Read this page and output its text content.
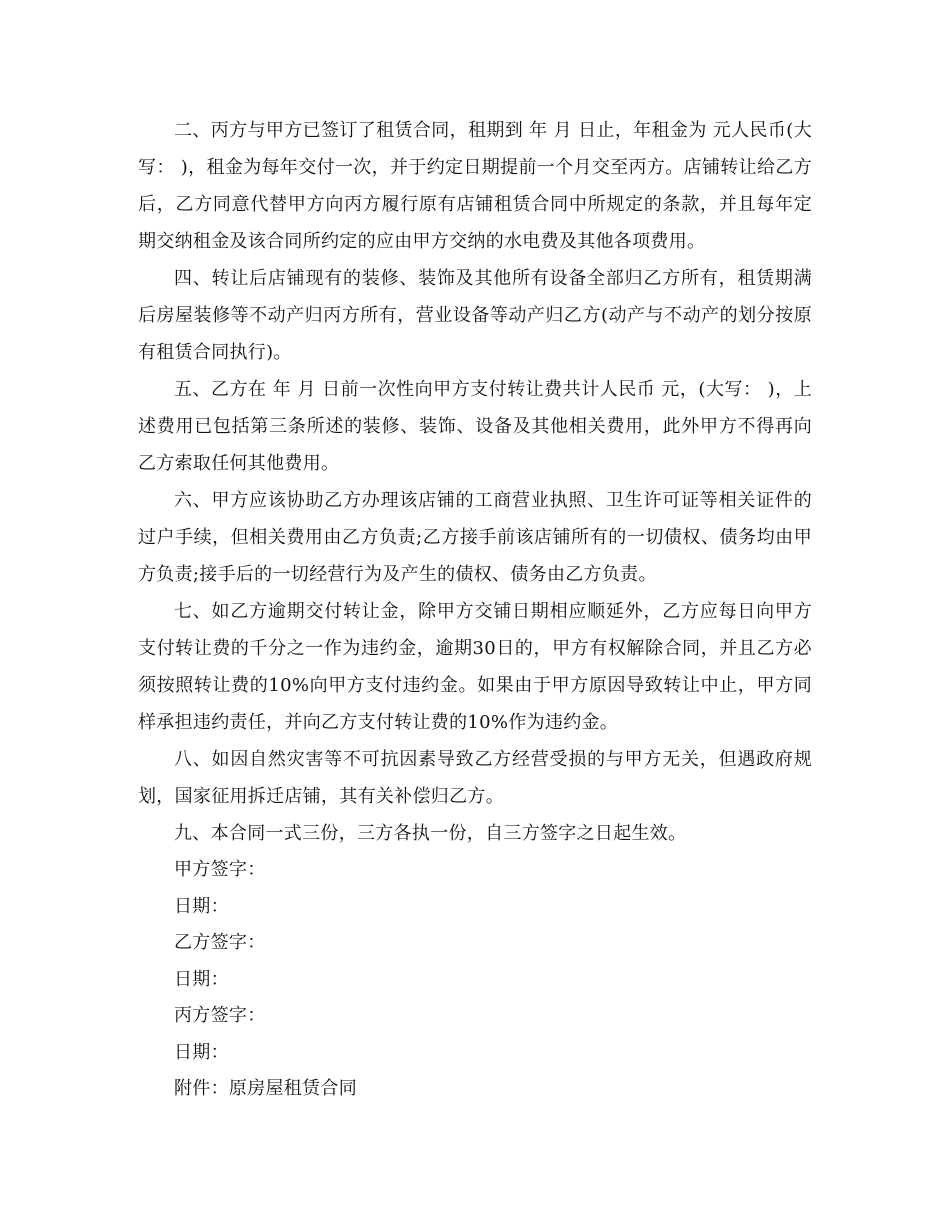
二、丙方与甲方已签订了租赁合同，租期到 年 月 日止，年租金为 元人民币(大写： )，租金为每年交付一次，并于约定日期提前一个月交至丙方。店铺转让给乙方后，乙方同意代替甲方向丙方履行原有店铺租赁合同中所规定的条款，并且每年定期交纳租金及该合同所约定的应由甲方交纳的水电费及其他各项费用。

四、转让后店铺现有的装修、装饰及其他所有设备全部归乙方所有，租赁期满后房屋装修等不动产归丙方所有，营业设备等动产归乙方(动产与不动产的划分按原有租赁合同执行)。

五、乙方在 年 月 日前一次性向甲方支付转让费共计人民币 元，(大写： )，上述费用已包括第三条所述的装修、装饰、设备及其他相关费用，此外甲方不得再向乙方索取任何其他费用。

六、甲方应该协助乙方办理该店铺的工商营业执照、卫生许可证等相关证件的过户手续，但相关费用由乙方负责;乙方接手前该店铺所有的一切债权、债务均由甲方负责;接手后的一切经营行为及产生的债权、债务由乙方负责。

七、如乙方逾期交付转让金，除甲方交铺日期相应顺延外，乙方应每日向甲方支付转让费的千分之一作为违约金，逾期30日的，甲方有权解除合同，并且乙方必须按照转让费的10%向甲方支付违约金。如果由于甲方原因导致转让中止，甲方同样承担违约责任，并向乙方支付转让费的10%作为违约金。

八、如因自然灾害等不可抗因素导致乙方经营受损的与甲方无关，但遇政府规划，国家征用拆迁店铺，其有关补偿归乙方。

九、本合同一式三份，三方各执一份，自三方签字之日起生效。

甲方签字：

日期：

乙方签字：

日期：

丙方签字：

日期：

附件：原房屋租赁合同
